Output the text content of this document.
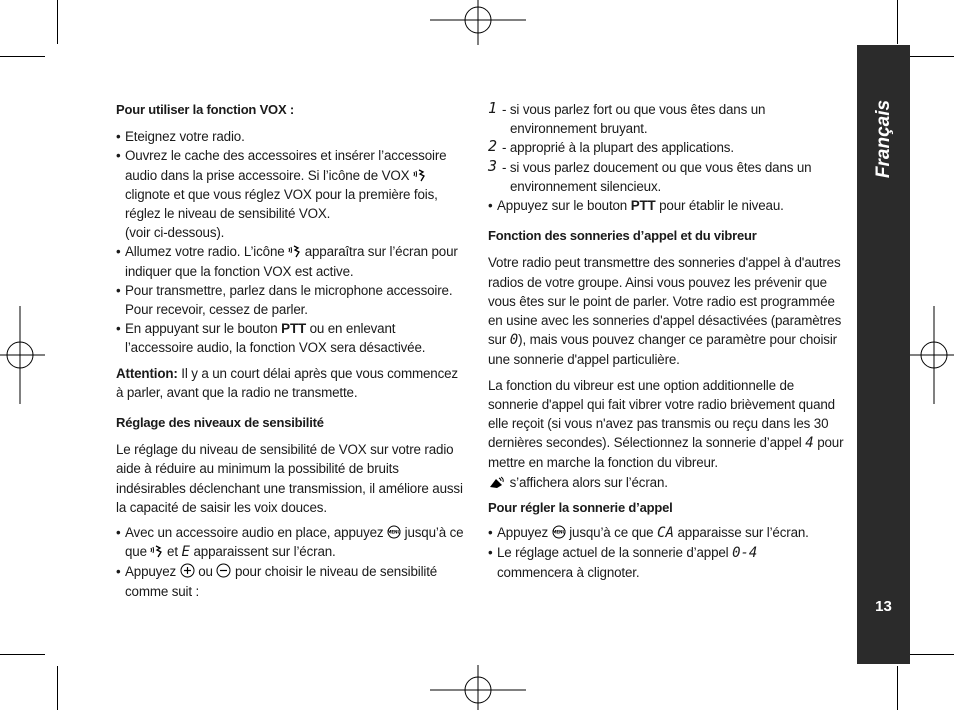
Français
13
Pour utiliser la fonction VOX :

• Eteignez votre radio.

• Ouvrez le cache des accessoires et insérer l’accessoire audio dans la prise accessoire. Si l’icône de VOX  clignote et que vous réglez VOX pour la première fois, réglez le niveau de sensibilité VOX.
(voir ci-dessous).

• Allumez votre radio. L’icône  apparaîtra sur l’écran pour indiquer que la fonction VOX est active.

• Pour transmettre, parlez dans le microphone accessoire. Pour recevoir, cessez de parler.

• En appuyant sur le bouton PTT ou en enlevant l’accessoire audio, la fonction VOX sera désactivée.

Attention: Il y a un court délai après que vous commencez à parler, avant que la radio ne transmette.

Réglage des niveaux de sensibilité

Le réglage du niveau de sensibilité de VOX sur votre radio aide à réduire au minimum la possibilité de bruits indésirables déclenchant une transmission, il améliore aussi la capacité de saisir les voix douces.

• Avec un accessoire audio en place, appuyez MENU jusqu’à ce que  et E apparaissent sur l’écran.

• Appuyez  ou  pour choisir le niveau de sensibilité comme suit :

1 - si vous parlez fort ou que vous êtes dans un

environnement bruyant.

2 - approprié à la plupart des applications.

3 - si vous parlez doucement ou que vous êtes dans un

environnement silencieux.

• Appuyez sur le bouton PTT pour établir le niveau.

Fonction des sonneries d’appel et du vibreur

Votre radio peut transmettre des sonneries d'appel à d'autres radios de votre groupe. Ainsi vous pouvez les prévenir que vous êtes sur le point de parler. Votre radio est programmée en usine avec les sonneries d'appel désactivées (paramètres sur 0), mais vous pouvez changer ce paramètre pour choisir une sonnerie d'appel particulière.

La fonction du vibreur est une option additionnelle de sonnerie d'appel qui fait vibrer votre radio brièvement quand elle reçoit (si vous n'avez pas transmis ou reçu dans les 30 dernières secondes). Sélectionnez la sonnerie d’appel 4 pour mettre en marche la fonction du vibreur.
s’affichera alors sur l’écran.

Pour régler la sonnerie d’appel

• Appuyez MENU jusqu’à ce que CA apparaisse sur l’écran.

• Le réglage actuel de la sonnerie d’appel 0-4
commencera à clignoter.
